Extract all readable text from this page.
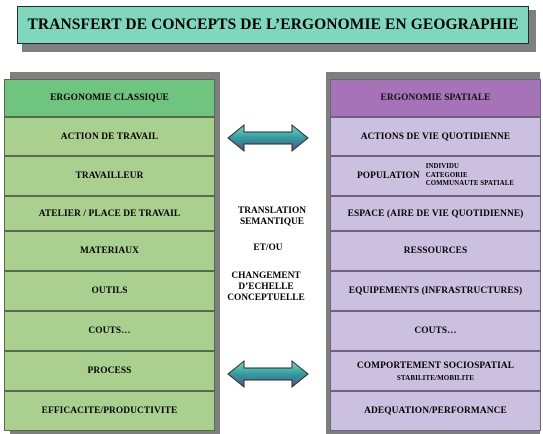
TRANSFERT DE CONCEPTS DE L’ERGONOMIE EN GEOGRAPHIE
ERGONOMIE CLASSIQUE
ACTION DE TRAVAIL
TRAVAILLEUR
ATELIER / PLACE DE TRAVAIL
MATERIAUX
OUTILS
COUTS…
PROCESS
EFFICACITE/PRODUCTIVITE
ERGONOMIE SPATIALE
ACTIONS DE VIE QUOTIDIENNE
POPULATION
INDIVIDU
CATEGORIE
COMMUNAUTE SPATIALE
ESPACE (AIRE DE VIE QUOTIDIENNE)
RESSOURCES
EQUIPEMENTS (INFRASTRUCTURES)
COUTS…
COMPORTEMENT SOCIOSPATIAL
STABILITE/MOBILITE
ADEQUATION/PERFORMANCE
TRANSLATION
SEMANTIQUE
ET/OU
CHANGEMENT
D’ECHELLE
CONCEPTUELLE
